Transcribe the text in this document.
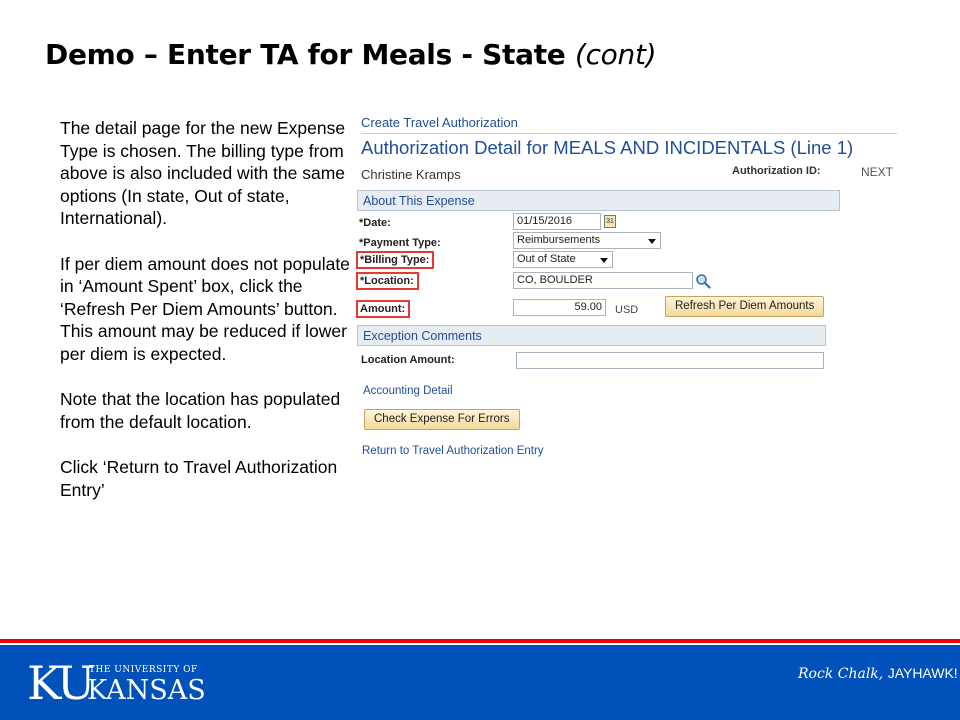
Demo – Enter TA for Meals - State (cont)

The detail page for the new Expense Type is chosen. The billing type from above is also included with the same options (In state, Out of state, International).

If per diem amount does not populate in ‘Amount Spent’ box, click the ‘Refresh Per Diem Amounts’ button. This amount may be reduced if lower per diem is expected.

Note that the location has populated from the default location.

Click ‘Return to Travel Authorization Entry’

Create Travel Authorization
Authorization Detail for MEALS AND INCIDENTALS (Line 1)
Christine Kramps	Authorization ID:	NEXT
About This Expense
*Date:	01/15/2016	31
*Payment Type:	Reimbursements
*Billing Type:	Out of State
*Location:	CO, BOULDER
Amount:	59.00	USD	Refresh Per Diem Amounts
Exception Comments
Location Amount:
Accounting Detail
Check Expense For Errors
Return to Travel Authorization Entry
KU
THE UNIVERSITY OF
KANSAS
Rock Chalk, JAYHAWK!
